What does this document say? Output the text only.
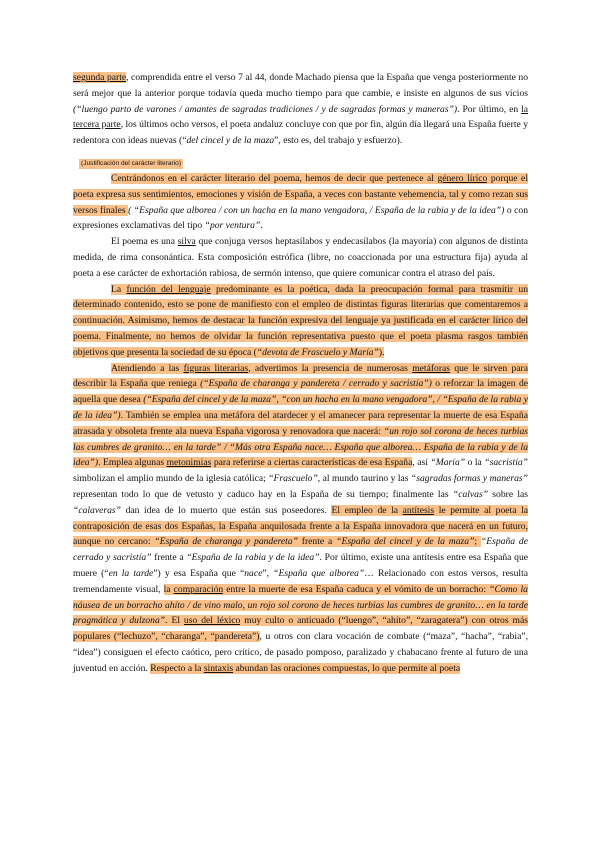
segunda parte, comprendida entre el verso 7 al 44, donde Machado piensa que la España que venga posteriormente no será mejor que la anterior porque todavía queda mucho tiempo para que cambie, e insiste en algunos de sus vicios (“luengo parto de varones / amantes de sagradas tradiciones / y de sagradas formas y maneras”). Por último, en la tercera parte, los últimos ocho versos, el poeta andaluz concluye con que por fin, algún día llegará una España fuerte y redentora con ideas nuevas (“del cincel y de la maza”, esto es, del trabajo y esfuerzo).

(Justificación del carácter literario)

Centrándonos en el carácter literario del poema, hemos de decir que pertenece al género lírico porque el poeta expresa sus sentimientos, emociones y visión de España, a veces con bastante vehemencia, tal y como rezan sus versos finales ( “España que alborea / con un hacha en la mano vengadora, / España de la rabia y de la idea”) o con expresiones exclamativas del tipo “por ventura”.

El poema es una silva que conjuga versos heptasílabos y endecasílabos (la mayoría) con algunos de distinta medida, de rima consonántica. Esta composición estrófica (libre, no coaccionada por una estructura fija) ayuda al poeta a ese carácter de exhortación rabiosa, de sermón intenso, que quiere comunicar contra el atraso del país.

La función del lenguaje predominante es la poética, dada la preocupación formal para trasmitir un determinado contenido, esto se pone de manifiesto con el empleo de distintas figuras literarias que comentaremos a continuación. Asimismo, hemos de destacar la función expresiva del lenguaje ya justificada en el carácter lírico del poema. Finalmente, no hemos de olvidar la función representativa puesto que el poeta plasma rasgos también objetivos que presenta la sociedad de su época (“devota de Frascuelo y María”).

Atendiendo a las figuras literarias, advertimos la presencia de numerosas metáforas que le sirven para describir la España que reniega (“España de charanga y pandereta / cerrado y sacristía”) o reforzar la imagen de aquella que desea (“España del cincel y de la maza”, “con un hacha en la mano vengadora”, / “España de la rabia y de la idea”). También se emplea una metáfora del atardecer y el amanecer para representar la muerte de esa España atrasada y obsoleta frente ala nueva España vigorosa y renovadora que nacerá: “un rojo sol corona de heces turbias las cumbres de granito… en la tarde” / “Más otra España nace… España que alborea… España de la rabia y de la idea”). Emplea algunas metonimias para referirse a ciertas características de esa España, así “María” o la “sacristía” simbolizan el amplio mundo de la iglesia católica; “Frascuelo”, al mundo taurino y las “sagradas formas y maneras” representan todo lo que de vetusto y caduco hay en la España de su tiempo; finalmente las “calvas” sobre las “calaveras” dan idea de lo muerto que están sus poseedores. El empleo de la antítesis le permite al poeta la contraposición de esas dos Españas, la España anquilosada frente a la España innovadora que nacerá en un futuro, aunque no cercano: “España de charanga y pandereta” frente a “España del cincel y de la maza”; “España de cerrado y sacristía” frente a “España de la rabia y de la idea”. Por último, existe una antítesis entre esa España que muere (“en la tarde”) y esa España que “nace”, “España que alborea”… Relacionado con estos versos, resulta tremendamente visual, la comparación entre la muerte de esa España caduca y el vómito de un borracho: “Como la náusea de un borracho ahíto / de vino malo, un rojo sol corono de heces turbias las cumbres de granito… en la tarde pragmática y dulzona”. El uso del léxico muy culto o anticuado (“luengo”, “ahíto”, “zaragatera”) con otros más populares (“lechuzo”, “charanga”, “pandereta”), u otros con clara vocación de combate (“maza”, “hacha”, “rabia”, “idea”) consiguen el efecto caótico, pero crítico, de pasado pomposo, paralizado y chabacano frente al futuro de una juventud en acción. Respecto a la sintaxis abundan las oraciones compuestas, lo que permite al poeta
